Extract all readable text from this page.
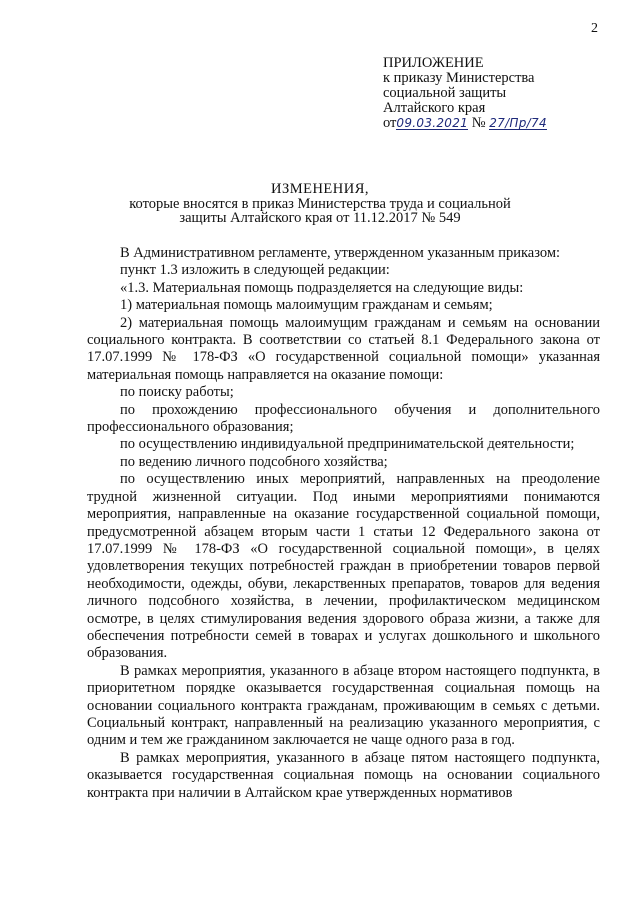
2
ПРИЛОЖЕНИЕ
к приказу Министерства
социальной защиты
Алтайского края
от09.03.2021 № 27/Пр/74
ИЗМЕНЕНИЯ,
которые вносятся в приказ Министерства труда и социальной
защиты Алтайского края от 11.12.2017 № 549

В Административном регламенте, утвержденном указанным приказом:

пункт 1.3 изложить в следующей редакции:

«1.3. Материальная помощь подразделяется на следующие виды:

1) материальная помощь малоимущим гражданам и семьям;

2) материальная помощь малоимущим гражданам и семьям на основании социального контракта. В соответствии со статьей 8.1 Федерального закона от 17.07.1999 № 178-ФЗ «О государственной социальной помощи» указанная материальная помощь направляется на оказание помощи:

по поиску работы;

по прохождению профессионального обучения и дополнительного профессионального образования;

по осуществлению индивидуальной предпринимательской деятельности;

по ведению личного подсобного хозяйства;

по осуществлению иных мероприятий, направленных на преодоление трудной жизненной ситуации. Под иными мероприятиями понимаются мероприятия, направленные на оказание государственной социальной помощи, предусмотренной абзацем вторым части 1 статьи 12 Федерального закона от 17.07.1999 № 178-ФЗ «О государственной социальной помощи», в целях удовлетворения текущих потребностей граждан в приобретении товаров первой необходимости, одежды, обуви, лекарственных препаратов, товаров для ведения личного подсобного хозяйства, в лечении, профилактическом медицинском осмотре, в целях стимулирования ведения здорового образа жизни, а также для обеспечения потребности семей в товарах и услугах дошкольного и школьного образования.

В рамках мероприятия, указанного в абзаце втором настоящего подпункта, в приоритетном порядке оказывается государственная социальная помощь на основании социального контракта гражданам, проживающим в семьях с детьми. Социальный контракт, направленный на реализацию указанного мероприятия, с одним и тем же гражданином заключается не чаще одного раза в год.

В рамках мероприятия, указанного в абзаце пятом настоящего подпункта, оказывается государственная социальная помощь на основании социального контракта при наличии в Алтайском крае утвержденных нормативов
